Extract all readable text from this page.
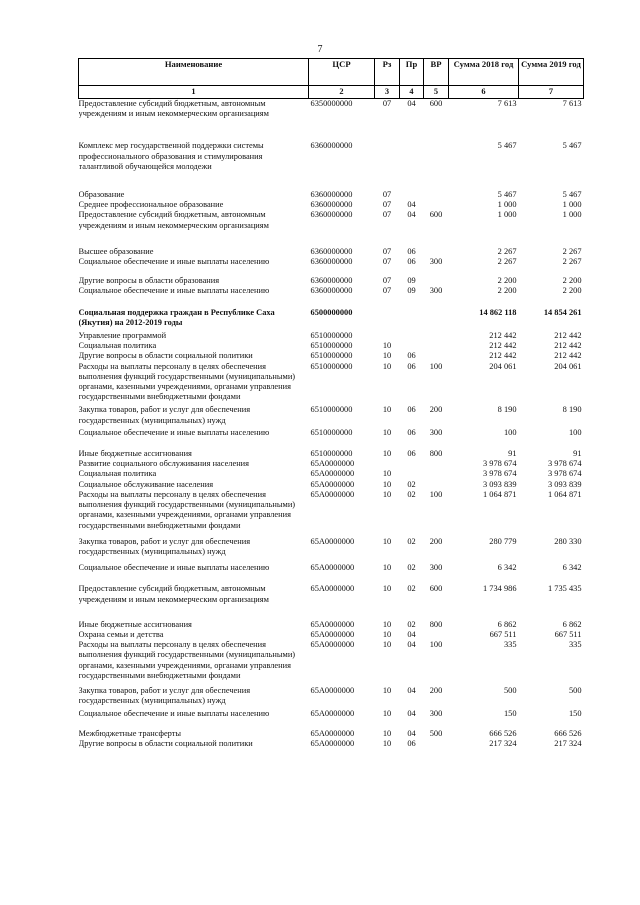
7
Наименование	ЦСР	Рз	Пр	ВР	Сумма 2018 год	Сумма 2019 год
1	2	3	4	5	6	7
Предоставление субсидий бюджетным, автономным учреждениям и иным некоммерческим организациям	6350000000	07	04	600	7 613	7 613
Комплекс мер государственной поддержки системы профессионального образования и стимулирования талантливой обучающейся молодежи	6360000000				5 467	5 467
Образование	6360000000	07			5 467	5 467
Среднее профессиональное образование	6360000000	07	04		1 000	1 000
Предоставление субсидий бюджетным, автономным учреждениям и иным некоммерческим организациям	6360000000	07	04	600	1 000	1 000
Высшее образование	6360000000	07	06		2 267	2 267
Социальное обеспечение и иные выплаты населению	6360000000	07	06	300	2 267	2 267
Другие вопросы в области образования	6360000000	07	09		2 200	2 200
Социальное обеспечение и иные выплаты населению	6360000000	07	09	300	2 200	2 200
Социальная поддержка граждан в Республике Саха (Якутия) на 2012-2019 годы	6500000000				14 862 118	14 854 261
Управление программой	6510000000				212 442	212 442
Социальная политика	6510000000	10			212 442	212 442
Другие вопросы в области социальной политики	6510000000	10	06		212 442	212 442
Расходы на выплаты персоналу в целях обеспечения выполнения функций государственными (муниципальными) органами, казенными учреждениями, органами управления государственными внебюджетными фондами	6510000000	10	06	100	204 061	204 061
Закупка товаров, работ и услуг для обеспечения государственных (муниципальных) нужд	6510000000	10	06	200	8 190	8 190
Социальное обеспечение и иные выплаты населению	6510000000	10	06	300	100	100
Иные бюджетные ассигнования	6510000000	10	06	800	91	91
Развитие социального обслуживания населения	65А0000000				3 978 674	3 978 674
Социальная политика	65А0000000	10			3 978 674	3 978 674
Социальное обслуживание населения	65А0000000	10	02		3 093 839	3 093 839
Расходы на выплаты персоналу в целях обеспечения выполнения функций государственными (муниципальными) органами, казенными учреждениями, органами управления государственными внебюджетными фондами	65А0000000	10	02	100	1 064 871	1 064 871
Закупка товаров, работ и услуг для обеспечения государственных (муниципальных) нужд	65А0000000	10	02	200	280 779	280 330
Социальное обеспечение и иные выплаты населению	65А0000000	10	02	300	6 342	6 342
Предоставление субсидий бюджетным, автономным учреждениям и иным некоммерческим организациям	65А0000000	10	02	600	1 734 986	1 735 435
Иные бюджетные ассигнования	65А0000000	10	02	800	6 862	6 862
Охрана семьи и детства	65А0000000	10	04		667 511	667 511
Расходы на выплаты персоналу в целях обеспечения выполнения функций государственными (муниципальными) органами, казенными учреждениями, органами управления государственными внебюджетными фондами	65А0000000	10	04	100	335	335
Закупка товаров, работ и услуг для обеспечения государственных (муниципальных) нужд	65А0000000	10	04	200	500	500
Социальное обеспечение и иные выплаты населению	65А0000000	10	04	300	150	150
Межбюджетные трансферты	65А0000000	10	04	500	666 526	666 526
Другие вопросы в области социальной политики	65А0000000	10	06		217 324	217 324
